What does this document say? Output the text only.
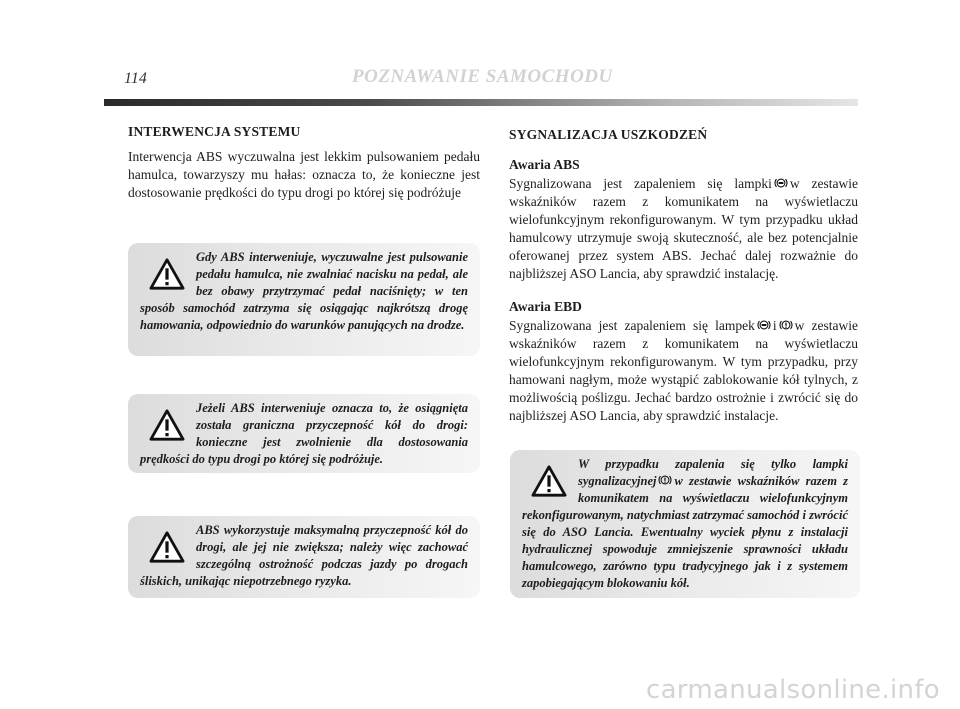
114	POZNAWANIE SAMOCHODU
INTERWENCJA SYSTEMU

Interwencja ABS wyczuwalna jest lekkim pulsowaniem pedału hamulca, towarzyszy mu hałas: oznacza to, że konieczne jest dostosowanie prędkości do typu drogi po której się podróżuje

Gdy ABS interweniuje, wyczuwalne jest pulsowanie pedału hamulca, nie zwalniać nacisku na pedał, ale bez obawy przytrzymać pedał naciśnięty; w ten sposób samochód zatrzyma się osiągając najkrótszą drogę hamowania, odpowiednio do warunków panujących na drodze.

Jeżeli ABS interweniuje oznacza to, że osiągnięta została graniczna przyczepność kół do drogi: konieczne jest zwolnienie dla dostosowania prędkości do typu drogi po której się podróżuje.

ABS wykorzystuje maksymalną przyczepność kół do drogi, ale jej nie zwiększa; należy więc zachować szczególną ostrożność podczas jazdy po drogach śliskich, unikając niepotrzebnego ryzyka.

SYGNALIZACJA USZKODZEŃ
Awaria ABS

Sygnalizowana jest zapaleniem się lampki w zestawie wskaźników razem z komunikatem na wyświetlaczu wielofunkcyjnym rekonfigurowanym. W tym przypadku układ hamulcowy utrzymuje swoją skuteczność, ale bez potencjalnie oferowanej przez system ABS. Jechać dalej rozważnie do najbliższej ASO Lancia, aby sprawdzić instalację.

Awaria EBD

Sygnalizowana jest zapaleniem się lampek i w zestawie wskaźników razem z komunikatem na wyświetlaczu wielofunkcyjnym rekonfigurowanym. W tym przypadku, przy hamowani nagłym, może wystąpić zablokowanie kół tylnych, z możliwością poślizgu. Jechać bardzo ostrożnie i zwrócić się do najbliższej ASO Lancia, aby sprawdzić instalacje.

W przypadku zapalenia się tylko lampki sygnalizacyjnej w zestawie wskaźników razem z komunikatem na wyświetlaczu wielofunkcyjnym rekonfigurowanym, natychmiast zatrzymać samochód i zwrócić się do ASO Lancia. Ewentualny wyciek płynu z instalacji hydraulicznej spowoduje zmniejszenie sprawności układu hamulcowego, zarówno typu tradycyjnego jak i z systemem zapobiegającym blokowaniu kół.

carmanualsonline.info
